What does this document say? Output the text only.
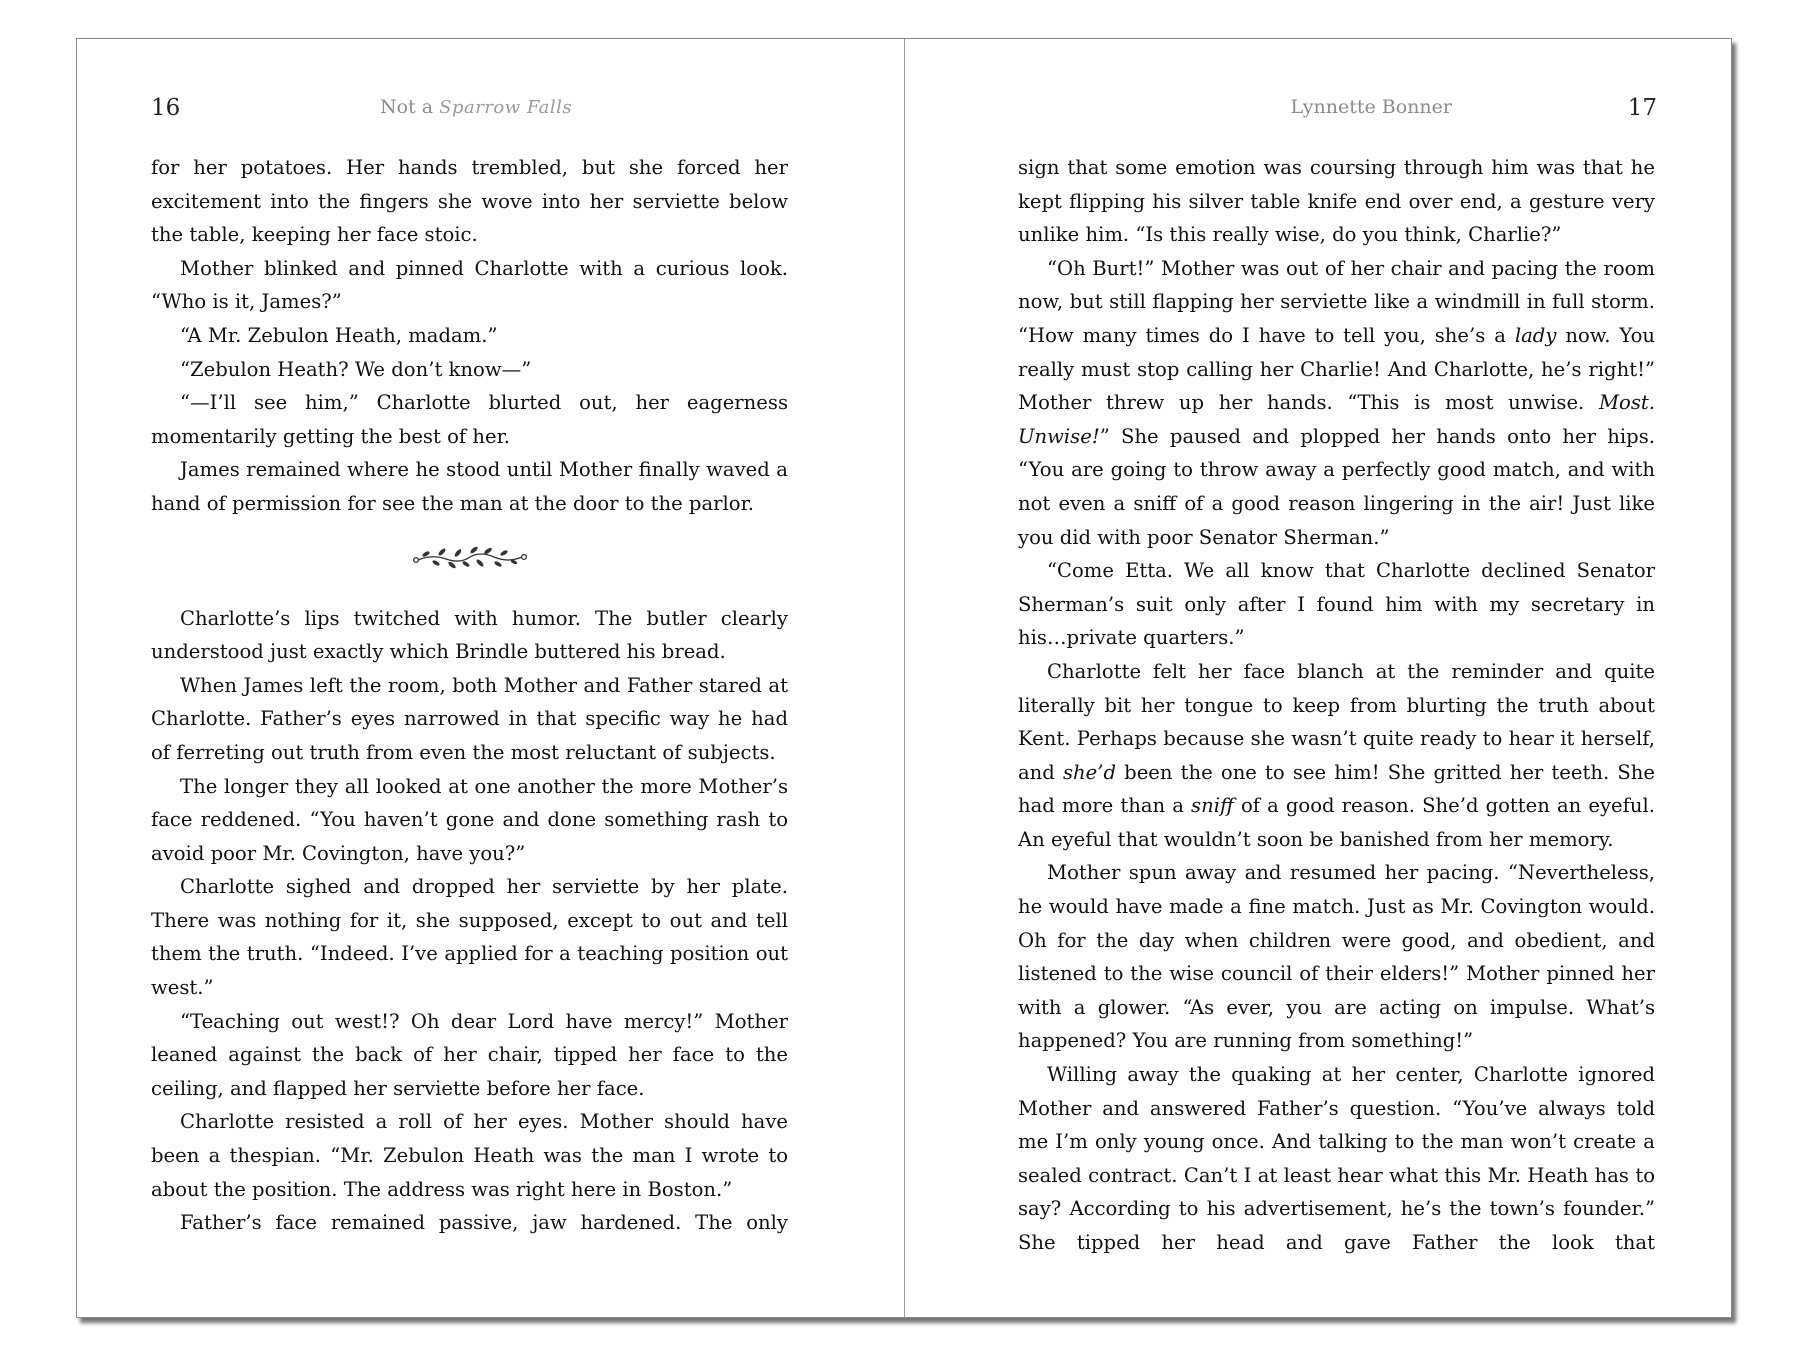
16	Not a Sparrow Falls

for her potatoes. Her hands trembled, but she forced her excitement into the fingers she wove into her serviette below the table, keeping her face stoic.

Mother blinked and pinned Charlotte with a curious look. “Who is it, James?”

“A Mr. Zebulon Heath, madam.”

“Zebulon Heath? We don’t know—”

“—I’ll see him,” Charlotte blurted out, her eagerness momentarily getting the best of her.

James remained where he stood until Mother finally waved a hand of permission for see the man at the door to the parlor.

Charlotte’s lips twitched with humor. The butler clearly understood just exactly which Brindle buttered his bread.

When James left the room, both Mother and Father stared at Charlotte. Father’s eyes narrowed in that specific way he had of ferreting out truth from even the most reluctant of subjects.

The longer they all looked at one another the more Mother’s face reddened. “You haven’t gone and done something rash to avoid poor Mr. Covington, have you?”

Charlotte sighed and dropped her serviette by her plate. There was nothing for it, she supposed, except to out and tell them the truth. “Indeed. I’ve applied for a teaching position out west.”

“Teaching out west!? Oh dear Lord have mercy!” Mother leaned against the back of her chair, tipped her face to the ceiling, and flapped her serviette before her face.

Charlotte resisted a roll of her eyes. Mother should have been a thespian. “Mr. Zebulon Heath was the man I wrote to about the position. The address was right here in Boston.”

Father’s face remained passive, jaw hardened. The only

Lynnette Bonner	17

sign that some emotion was coursing through him was that he kept flipping his silver table knife end over end, a gesture very unlike him. “Is this really wise, do you think, Charlie?”

“Oh Burt!” Mother was out of her chair and pacing the room now, but still flapping her serviette like a windmill in full storm. “How many times do I have to tell you, she’s a lady now. You really must stop calling her Charlie! And Charlotte, he’s right!” Mother threw up her hands. “This is most unwise. Most. Unwise!” She paused and plopped her hands onto her hips. “You are going to throw away a perfectly good match, and with not even a sniff of a good reason lingering in the air! Just like you did with poor Senator Sherman.”

“Come Etta. We all know that Charlotte declined Senator Sherman’s suit only after I found him with my secretary in his…private quarters.”

Charlotte felt her face blanch at the reminder and quite literally bit her tongue to keep from blurting the truth about Kent. Perhaps because she wasn’t quite ready to hear it herself, and she’d been the one to see him! She gritted her teeth. She had more than a sniff of a good reason. She’d gotten an eyeful. An eyeful that wouldn’t soon be banished from her memory.

Mother spun away and resumed her pacing. “Nevertheless, he would have made a fine match. Just as Mr. Covington would. Oh for the day when children were good, and obedient, and listened to the wise council of their elders!” Mother pinned her with a glower. “As ever, you are acting on impulse. What’s happened? You are running from something!”

Willing away the quaking at her center, Charlotte ignored Mother and answered Father’s question. “You’ve always told me I’m only young once. And talking to the man won’t create a sealed contract. Can’t I at least hear what this Mr. Heath has to say? According to his advertisement, he’s the town’s founder.” She tipped her head and gave Father the look that
